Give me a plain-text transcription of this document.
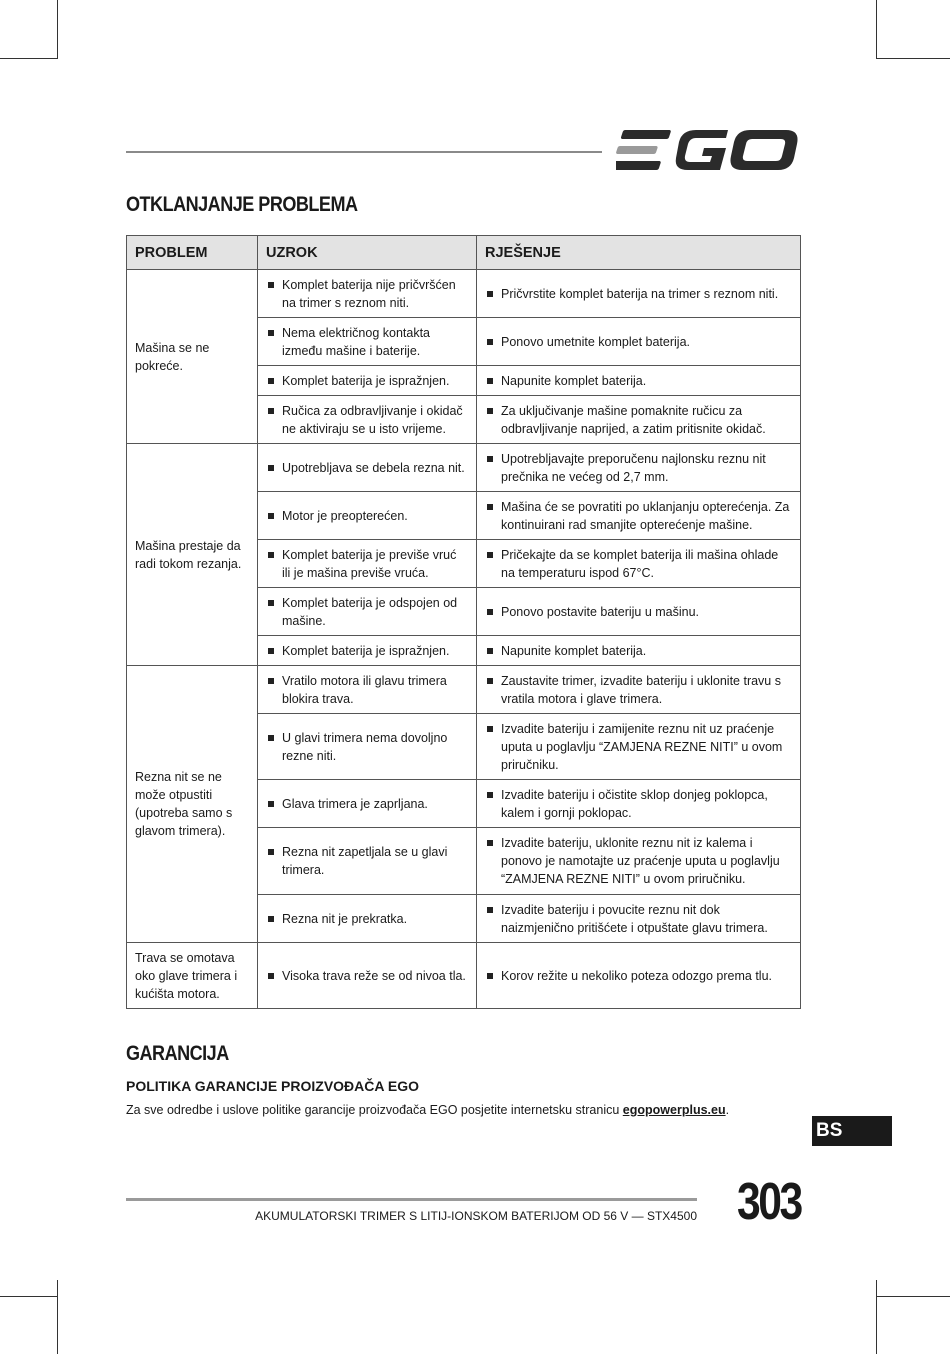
OTKLANJANJE PROBLEMA
PROBLEM	UZROK	RJEŠENJE
Mašina se ne pokreće.	Komplet baterija nije pričvršćen na trimer s reznom niti.	Pričvrstite komplet baterija na trimer s reznom niti.

	Nema električnog kontakta između mašine i baterije.	Ponovo umetnite komplet baterija.

	Komplet baterija je ispražnjen.	Napunite komplet baterija.

	Ručica za odbravljivanje i okidač ne aktiviraju se u isto vrijeme.	Za uključivanje mašine pomaknite ručicu za odbravljivanje naprijed, a zatim pritisnite okidač.

Mašina prestaje da radi tokom rezanja.	Upotrebljava se debela rezna nit.	Upotrebljavajte preporučenu najlonsku reznu nit prečnika ne većeg od 2,7 mm.

	Motor je preopterećen.	Mašina će se povratiti po uklanjanju opterećenja. Za kontinuirani rad smanjite opterećenje mašine.

	Komplet baterija je previše vruć ili je mašina previše vruća.	Pričekajte da se komplet baterija ili mašina ohlade na temperaturu ispod 67°C.

	Komplet baterija je odspojen od mašine.	Ponovo postavite bateriju u mašinu.

	Komplet baterija je ispražnjen.	Napunite komplet baterija.

Rezna nit se ne može otpustiti (upotreba samo s glavom trimera).	Vratilo motora ili glavu trimera blokira trava.	Zaustavite trimer, izvadite bateriju i uklonite travu s vratila motora i glave trimera.

	U glavi trimera nema dovoljno rezne niti.	Izvadite bateriju i zamijenite reznu nit uz praćenje uputa u poglavlju “ZAMJENA REZNE NITI” u ovom priručniku.

	Glava trimera je zaprljana.	Izvadite bateriju i očistite sklop donjeg poklopca, kalem i gornji poklopac.

	Rezna nit zapetljala se u glavi trimera.	Izvadite bateriju, uklonite reznu nit iz kalema i ponovo je namotajte uz praćenje uputa u poglavlju “ZAMJENA REZNE NITI” u ovom priručniku.

	Rezna nit je prekratka.	Izvadite bateriju i povucite reznu nit dok naizmjenično pritišćete i otpuštate glavu trimera.

Trava se omotava oko glave trimera i kućišta motora.	Visoka trava reže se od nivoa tla.	Korov režite u nekoliko poteza odozgo prema tlu.
GARANCIJA
POLITIKA GARANCIJE PROIZVOĐAČA EGO
Za sve odredbe i uslove politike garancije proizvođača EGO posjetite internetsku stranicu egopowerplus.eu.
BS
AKUMULATORSKI TRIMER S LITIJ-IONSKOM BATERIJOM OD 56 V — STX4500 303
